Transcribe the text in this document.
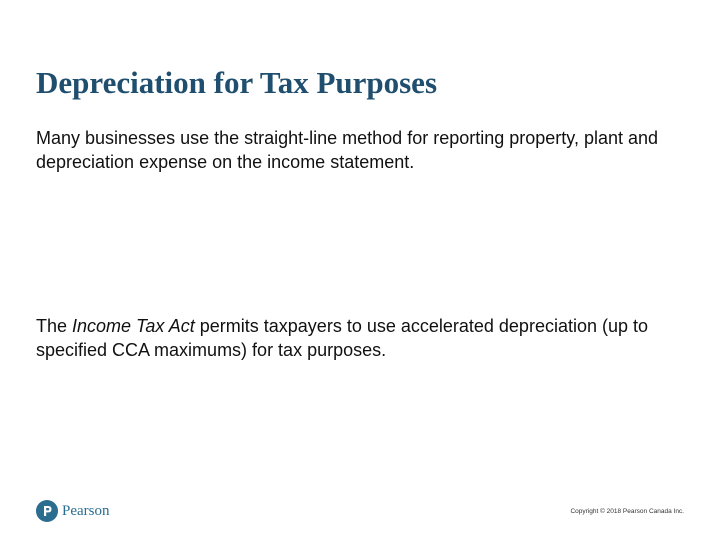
Depreciation for Tax Purposes

Many businesses use the straight-line method for reporting property, plant and depreciation expense on the income statement.

The Income Tax Act permits taxpayers to use accelerated depreciation (up to specified CCA maximums) for tax purposes.

Pearson	Copyright © 2018 Pearson Canada Inc.
